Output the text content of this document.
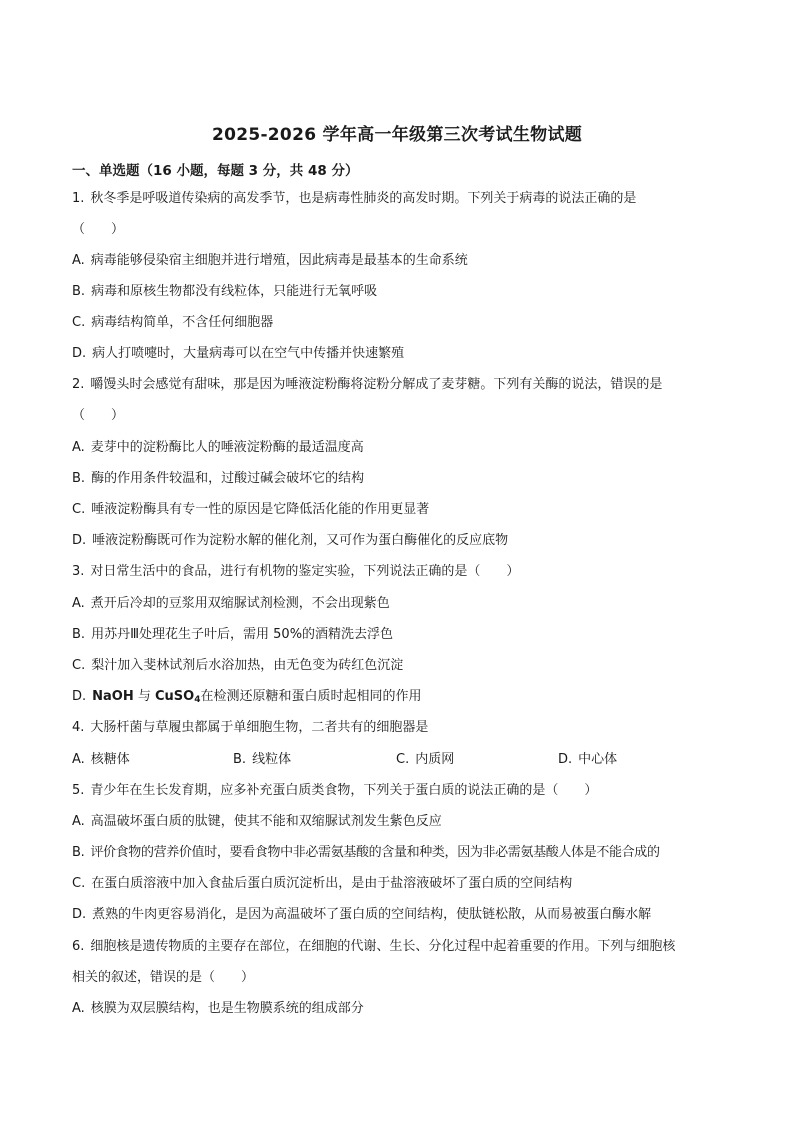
2025-2026 学年高一年级第三次考试生物试题
一、单选题（16 小题，每题 3 分，共 48 分）
1. 秋冬季是呼吸道传染病的高发季节，也是病毒性肺炎的高发时期。下列关于病毒的说法正确的是
（　　）
A. 病毒能够侵染宿主细胞并进行增殖，因此病毒是最基本的生命系统
B. 病毒和原核生物都没有线粒体，只能进行无氧呼吸
C. 病毒结构简单，不含任何细胞器
D. 病人打喷嚏时，大量病毒可以在空气中传播并快速繁殖
2. 嚼馒头时会感觉有甜味，那是因为唾液淀粉酶将淀粉分解成了麦芽糖。下列有关酶的说法，错误的是
（　　）
A. 麦芽中的淀粉酶比人的唾液淀粉酶的最适温度高
B. 酶的作用条件较温和，过酸过碱会破坏它的结构
C. 唾液淀粉酶具有专一性的原因是它降低活化能的作用更显著
D. 唾液淀粉酶既可作为淀粉水解的催化剂，又可作为蛋白酶催化的反应底物
3. 对日常生活中的食品，进行有机物的鉴定实验，下列说法正确的是（　　）
A. 煮开后冷却的豆浆用双缩脲试剂检测，不会出现紫色
B. 用苏丹Ⅲ处理花生子叶后，需用 50%的酒精洗去浮色
C. 梨汁加入斐林试剂后水浴加热，由无色变为砖红色沉淀
D. NaOH 与 CuSO$_4$在检测还原糖和蛋白质时起相同的作用
4. 大肠杆菌与草履虫都属于单细胞生物，二者共有的细胞器是
A. 核糖体	B. 线粒体	C. 内质网	D. 中心体
5. 青少年在生长发育期，应多补充蛋白质类食物，下列关于蛋白质的说法正确的是（　　）
A. 高温破坏蛋白质的肽键，使其不能和双缩脲试剂发生紫色反应
B. 评价食物的营养价值时，要看食物中非必需氨基酸的含量和种类，因为非必需氨基酸人体是不能合成的
C. 在蛋白质溶液中加入食盐后蛋白质沉淀析出，是由于盐溶液破坏了蛋白质的空间结构
D. 煮熟的牛肉更容易消化，是因为高温破坏了蛋白质的空间结构，使肽链松散，从而易被蛋白酶水解
6. 细胞核是遗传物质的主要存在部位，在细胞的代谢、生长、分化过程中起着重要的作用。下列与细胞核
相关的叙述，错误的是（　　）
A. 核膜为双层膜结构，也是生物膜系统的组成部分
